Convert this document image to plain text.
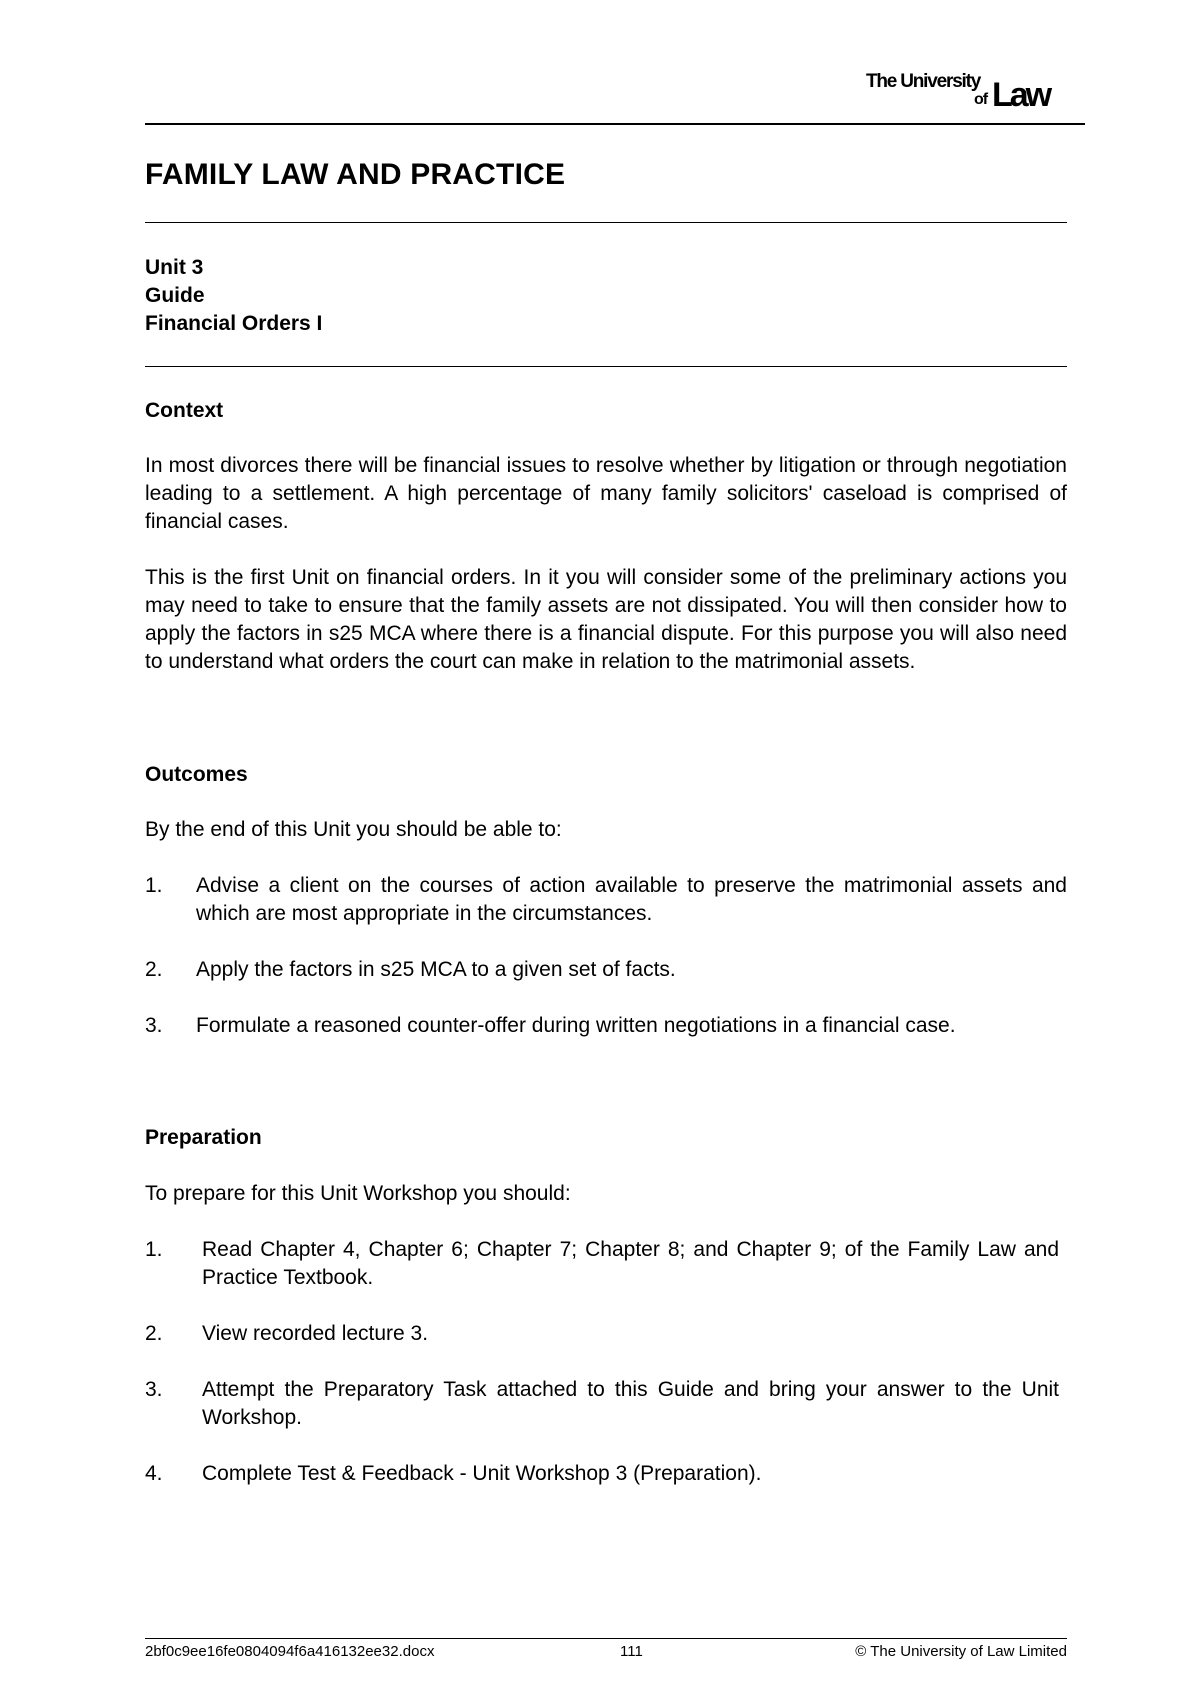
The University
of Law
FAMILY LAW AND PRACTICE
Unit 3
Guide
Financial Orders I
Context

In most divorces there will be financial issues to resolve whether by litigation or through negotiation leading to a settlement. A high percentage of many family solicitors' caseload is comprised of financial cases.

This is the first Unit on financial orders. In it you will consider some of the preliminary actions you may need to take to ensure that the family assets are not dissipated. You will then consider how to apply the factors in s25 MCA where there is a financial dispute. For this purpose you will also need to understand what orders the court can make in relation to the matrimonial assets.

Outcomes

By the end of this Unit you should be able to:

1. Advise a client on the courses of action available to preserve the matrimonial assets and which are most appropriate in the circumstances.
2. Apply the factors in s25 MCA to a given set of facts.
3. Formulate a reasoned counter-offer during written negotiations in a financial case.
Preparation

To prepare for this Unit Workshop you should:

1. Read Chapter 4, Chapter 6; Chapter 7; Chapter 8; and Chapter 9; of the Family Law and Practice Textbook.
2. View recorded lecture 3.
3. Attempt the Preparatory Task attached to this Guide and bring your answer to the Unit Workshop.
4. Complete Test & Feedback - Unit Workshop 3 (Preparation).
2bf0c9ee16fe0804094f6a416132ee32.docx	111	© The University of Law Limited
